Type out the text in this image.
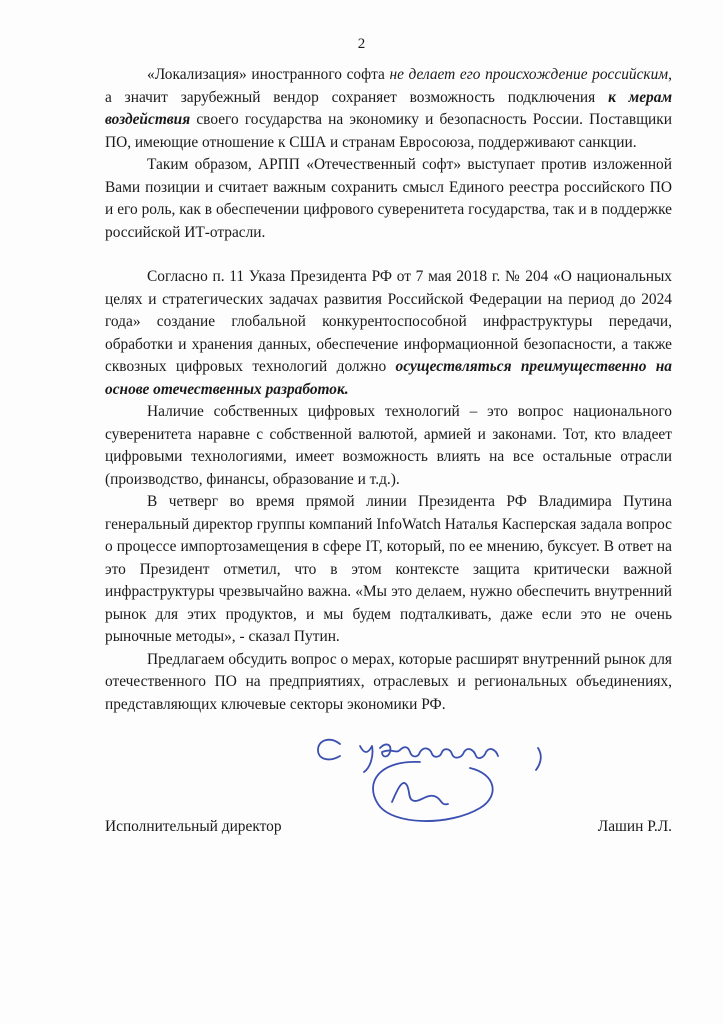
2

«Локализация» иностранного софта не делает его происхождение российским, а значит зарубежный вендор сохраняет возможность подключения к мерам воздействия своего государства на экономику и безопасность России. Поставщики ПО, имеющие отношение к США и странам Евросоюза, поддерживают санкции.

Таким образом, АРПП «Отечественный софт» выступает против изложенной Вами позиции и считает важным сохранить смысл Единого реестра российского ПО и его роль, как в обеспечении цифрового суверенитета государства, так и в поддержке российской ИТ-отрасли.

Согласно п. 11 Указа Президента РФ от 7 мая 2018 г. № 204 «О национальных целях и стратегических задачах развития Российской Федерации на период до 2024 года» создание глобальной конкурентоспособной инфраструктуры передачи, обработки и хранения данных, обеспечение информационной безопасности, а также сквозных цифровых технологий должно осуществляться преимущественно на основе отечественных разработок.

Наличие собственных цифровых технологий – это вопрос национального суверенитета наравне с собственной валютой, армией и законами. Тот, кто владеет цифровыми технологиями, имеет возможность влиять на все остальные отрасли (производство, финансы, образование и т.д.).

В четверг во время прямой линии Президента РФ Владимира Путина генеральный директор группы компаний InfoWatch Наталья Касперская задала вопрос о процессе импортозамещения в сфере IT, который, по ее мнению, буксует. В ответ на это Президент отметил, что в этом контексте защита критически важной инфраструктуры чрезвычайно важна. «Мы это делаем, нужно обеспечить внутренний рынок для этих продуктов, и мы будем подталкивать, даже если это не очень рыночные методы», - сказал Путин.

Предлагаем обсудить вопрос о мерах, которые расширят внутренний рынок для отечественного ПО на предприятиях, отраслевых и региональных объединениях, представляющих ключевые секторы экономики РФ.

Исполнительный директор	Лашин Р.Л.
